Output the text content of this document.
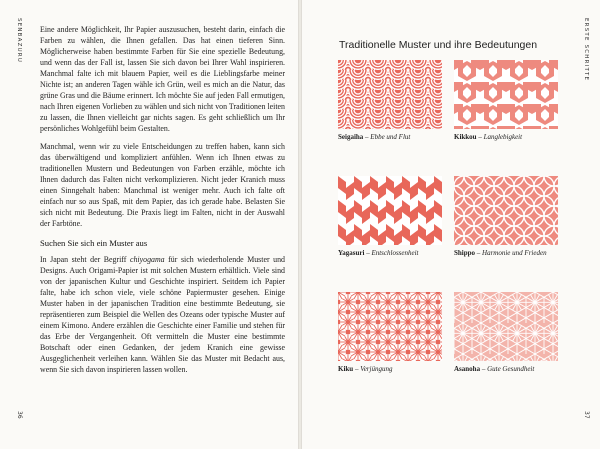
SENBAZURU
36

Eine andere Möglichkeit, Ihr Papier auszusuchen, besteht darin, einfach die Farben zu wählen, die Ihnen gefallen. Das hat einen tieferen Sinn. Möglicherweise haben bestimmte Farben für Sie eine spezielle Bedeutung, und wenn das der Fall ist, lassen Sie sich davon bei Ihrer Wahl inspirieren. Manchmal falte ich mit blauem Papier, weil es die Lieblingsfarbe meiner Nichte ist; an anderen Tagen wähle ich Grün, weil es mich an die Natur, das grüne Gras und die Bäume erinnert. Ich möchte Sie auf jeden Fall ermutigen, nach Ihren eigenen Vorlieben zu wählen und sich nicht von Traditionen leiten zu lassen, die Ihnen vielleicht gar nichts sagen. Es geht schließlich um Ihr persönliches Wohlgefühl beim Gestalten.

Manchmal, wenn wir zu viele Entscheidungen zu treffen haben, kann sich das überwältigend und kompliziert anfühlen. Wenn ich Ihnen etwas zu traditionellen Mustern und Bedeutungen von Farben erzähle, möchte ich Ihnen dadurch das Falten nicht verkomplizieren. Nicht jeder Kranich muss einen Sinngehalt haben: Manchmal ist weniger mehr. Auch ich falte oft einfach nur so aus Spaß, mit dem Papier, das ich gerade habe. Belasten Sie sich nicht mit Bedeutung. Die Praxis liegt im Falten, nicht in der Auswahl der Farbtöne.

Suchen Sie sich ein Muster aus

In Japan steht der Begriff chiyogama für sich wiederholende Muster und Designs. Auch Origami-Papier ist mit solchen Mustern erhältlich. Viele sind von der japanischen Kultur und Geschichte inspiriert. Seitdem ich Papier falte, habe ich schon viele, viele schöne Papiermuster gesehen. Einige Muster haben in der japanischen Tradition eine bestimmte Bedeutung, sie repräsentieren zum Beispiel die Wellen des Ozeans oder typische Muster auf einem Kimono. Andere erzählen die Geschichte einer Familie und stehen für das Erbe der Vergangenheit. Oft vermitteln die Muster eine bestimmte Botschaft oder einen Gedanken, der jedem Kranich eine gewisse Ausgeglichenheit verleihen kann. Wählen Sie das Muster mit Bedacht aus, wenn Sie sich davon inspirieren lassen wollen.

ERSTE SCHRITTE
37
Traditionelle Muster und ihre Bedeutungen
Seigaiha – Ebbe und Flut	Kikkou – Langlebigkeit
Yagasuri – Entschlossenheit	Shippo – Harmonie und Frieden
Kiku – Verjüngung	Asanoha – Gute Gesundheit
